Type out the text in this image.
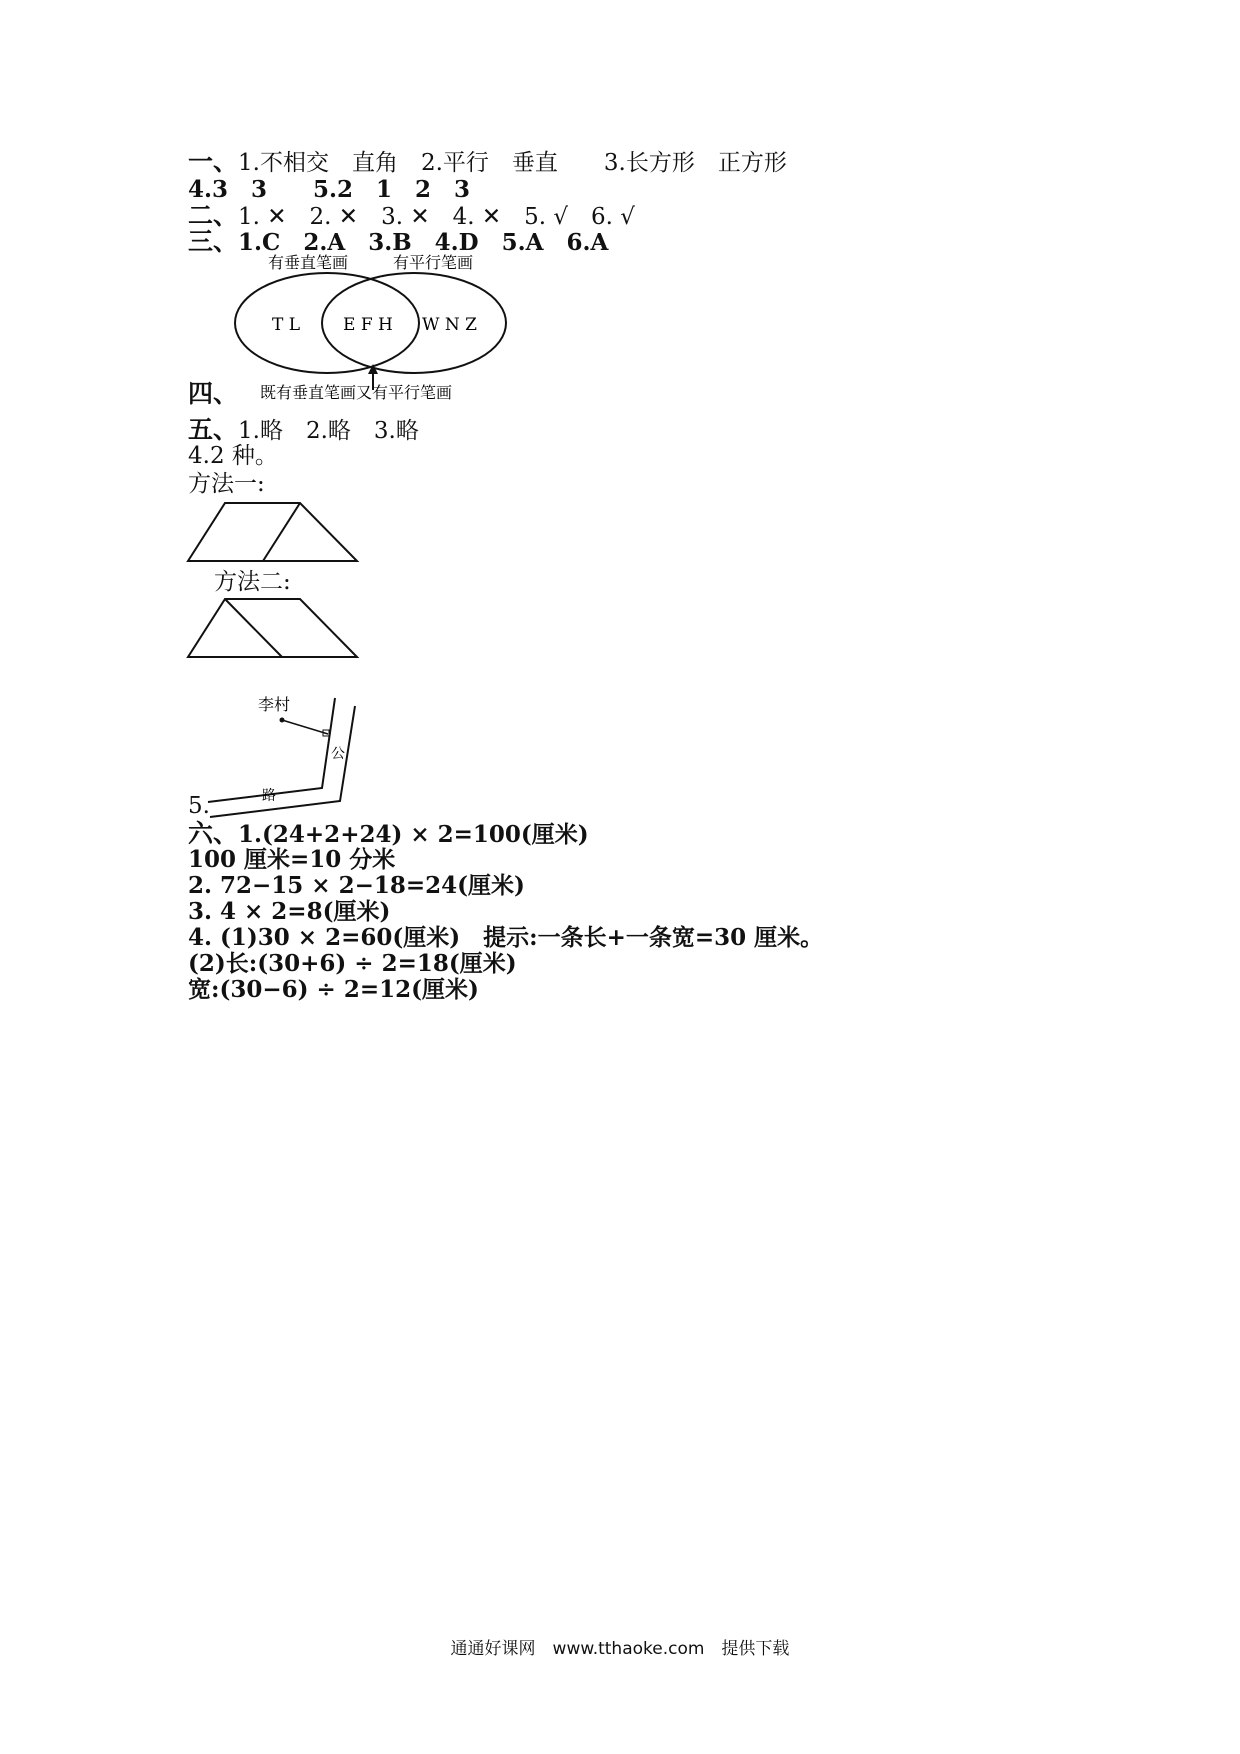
一、1.不相交　直角　2.平行　垂直　　3.长方形　正方形
4.3　3　　5.2　1　2　3
二、1. ✕　2. ✕　3. ✕　4. ✕　5. √　6. √
三、1.C　2.A　3.B　4.D　5.A　6.A
有垂直笔画	有平行笔画
T L	E F H W N Z
既有垂直笔画又有平行笔画
四、
五、1.略　2.略　3.略
4.2 种。
方法一:
方法二:
李村
公
路
5.
六、1.(24+2+24) × 2=100(厘米)
100 厘米=10 分米
2. 72−15 × 2−18=24(厘米)
3. 4 × 2=8(厘米)
4. (1)30 × 2=60(厘米)　提示:一条长+一条宽=30 厘米。
(2)长:(30+6) ÷ 2=18(厘米)
宽:(30−6) ÷ 2=12(厘米)
通通好课网　www.tthaoke.com　提供下载
